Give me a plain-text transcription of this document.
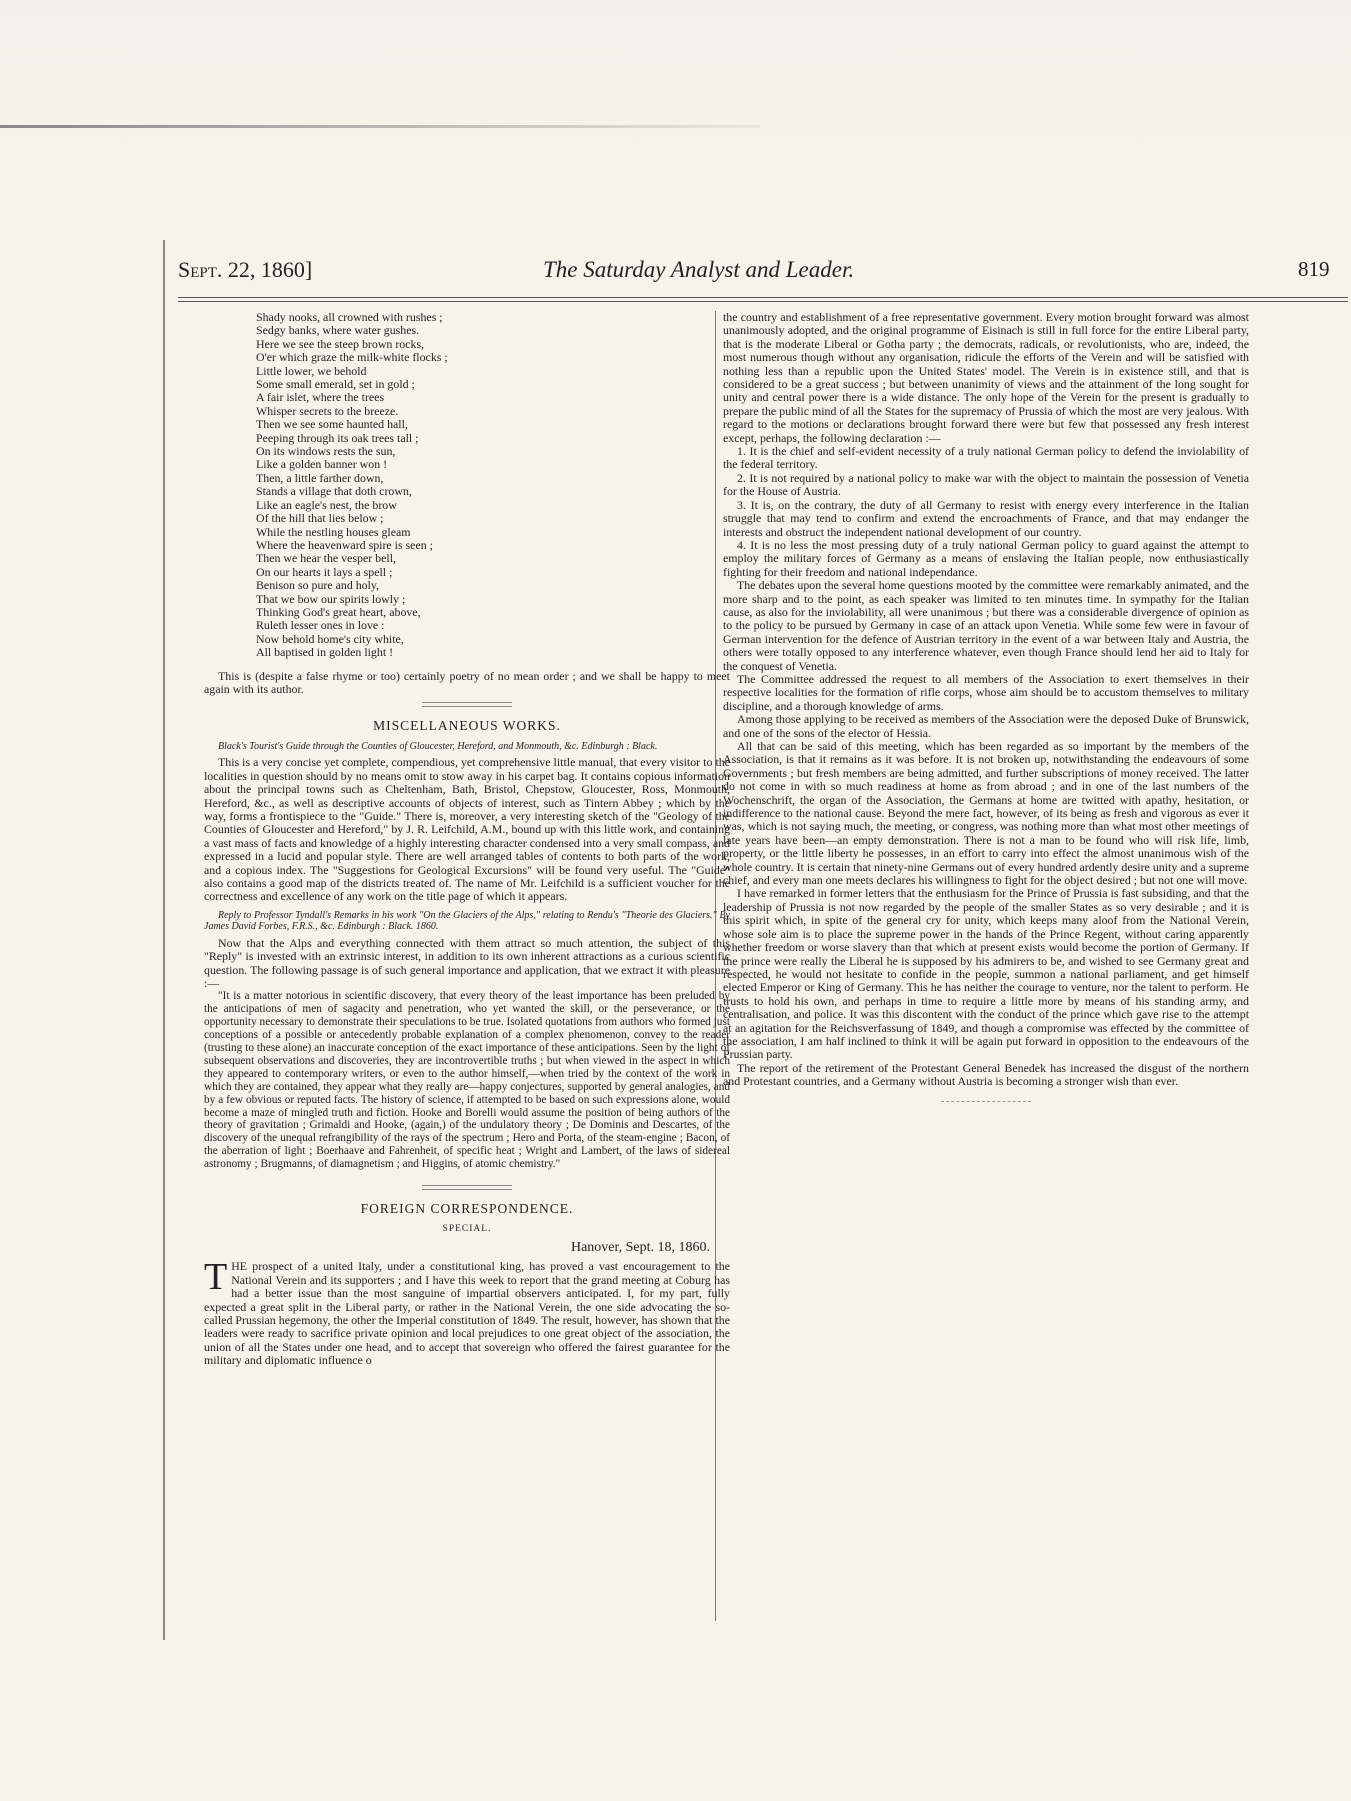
Sept. 22, 1860]	The Saturday Analyst and Leader.	819
Shady nooks, all crowned with rushes ;
Sedgy banks, where water gushes.
Here we see the steep brown rocks,
O'er which graze the milk-white flocks ;
Little lower, we behold
Some small emerald, set in gold ;
A fair islet, where the trees
Whisper secrets to the breeze.
Then we see some haunted hall,
Peeping through its oak trees tall ;
On its windows rests the sun,
Like a golden banner won !
Then, a little farther down,
Stands a village that doth crown,
Like an eagle's nest, the brow
Of the hill that lies below ;
While the nestling houses gleam
Where the heavenward spire is seen ;
Then we hear the vesper bell,
On our hearts it lays a spell ;
Benison so pure and holy,
That we bow our spirits lowly ;
Thinking God's great heart, above,
Ruleth lesser ones in love :
Now behold home's city white,
All baptised in golden light !

This is (despite a false rhyme or too) certainly poetry of no mean order ; and we shall be happy to meet again with its author.

MISCELLANEOUS WORKS.

Black's Tourist's Guide through the Counties of Gloucester, Hereford, and Monmouth, &c. Edinburgh : Black.

This is a very concise yet complete, compendious, yet comprehensive little manual, that every visitor to the localities in question should by no means omit to stow away in his carpet bag. It contains copious information about the principal towns such as Cheltenham, Bath, Bristol, Chepstow, Gloucester, Ross, Monmouth, Hereford, &c., as well as descriptive accounts of objects of interest, such as Tintern Abbey ; which by the way, forms a frontispiece to the "Guide." There is, moreover, a very interesting sketch of the "Geology of the Counties of Gloucester and Hereford," by J. R. Leifchild, A.M., bound up with this little work, and containing a vast mass of facts and knowledge of a highly interesting character condensed into a very small compass, and expressed in a lucid and popular style. There are well arranged tables of contents to both parts of the work, and a copious index. The "Suggestions for Geological Excursions" will be found very useful. The "Guide" also contains a good map of the districts treated of. The name of Mr. Leifchild is a sufficient voucher for the correctness and excellence of any work on the title page of which it appears.

Reply to Professor Tyndall's Remarks in his work "On the Glaciers of the Alps," relating to Rendu's "Theorie des Glaciers." By James David Forbes, F.R.S., &c. Edinburgh : Black. 1860.

Now that the Alps and everything connected with them attract so much attention, the subject of this "Reply" is invested with an extrinsic interest, in addition to its own inherent attractions as a curious scientific question. The following passage is of such general importance and application, that we extract it with pleasure :—

"It is a matter notorious in scientific discovery, that every theory of the least importance has been preluded by the anticipations of men of sagacity and penetration, who yet wanted the skill, or the perseverance, or the opportunity necessary to demonstrate their speculations to be true. Isolated quotations from authors who formed just conceptions of a possible or antecedently probable explanation of a complex phenomenon, convey to the reader (trusting to these alone) an inaccurate conception of the exact importance of these anticipations. Seen by the light of subsequent observations and discoveries, they are incontrovertible truths ; but when viewed in the aspect in which they appeared to contemporary writers, or even to the author himself,—when tried by the context of the work in which they are contained, they appear what they really are—happy conjectures, supported by general analogies, and by a few obvious or reputed facts. The history of science, if attempted to be based on such expressions alone, would become a maze of mingled truth and fiction. Hooke and Borelli would assume the position of being authors of the theory of gravitation ; Grimaldi and Hooke, (again,) of the undulatory theory ; De Dominis and Descartes, of the discovery of the unequal refrangibility of the rays of the spectrum ; Hero and Porta, of the steam-engine ; Bacon, of the aberration of light ; Boerhaave and Fahrenheit, of specific heat ; Wright and Lambert, of the laws of sidereal astronomy ; Brugmanns, of diamagnetism ; and Higgins, of atomic chemistry."

FOREIGN CORRESPONDENCE.
SPECIAL.
Hanover, Sept. 18, 1860.

THE prospect of a united Italy, under a constitutional king, has proved a vast encouragement to the National Verein and its supporters ; and I have this week to report that the grand meeting at Coburg has had a better issue than the most sanguine of impartial observers anticipated. I, for my part, fully expected a great split in the Liberal party, or rather in the National Verein, the one side advocating the so-called Prussian hegemony, the other the Imperial constitution of 1849. The result, however, has shown that the leaders were ready to sacrifice private opinion and local prejudices to one great object of the association, the union of all the States under one head, and to accept that sovereign who offered the fairest guarantee for the military and diplomatic influence o

the country and establishment of a free representative government. Every motion brought forward was almost unanimously adopted, and the original programme of Eisinach is still in full force for the entire Liberal party, that is the moderate Liberal or Gotha party ; the democrats, radicals, or revolutionists, who are, indeed, the most numerous though without any organisation, ridicule the efforts of the Verein and will be satisfied with nothing less than a republic upon the United States' model. The Verein is in existence still, and that is considered to be a great success ; but between unanimity of views and the attainment of the long sought for unity and central power there is a wide distance. The only hope of the Verein for the present is gradually to prepare the public mind of all the States for the supremacy of Prussia of which the most are very jealous. With regard to the motions or declarations brought forward there were but few that possessed any fresh interest except, perhaps, the following declaration :—

1. It is the chief and self-evident necessity of a truly national German policy to defend the inviolability of the federal territory.

2. It is not required by a national policy to make war with the object to maintain the possession of Venetia for the House of Austria.

3. It is, on the contrary, the duty of all Germany to resist with energy every interference in the Italian struggle that may tend to confirm and extend the encroachments of France, and that may endanger the interests and obstruct the independent national development of our country.

4. It is no less the most pressing duty of a truly national German policy to guard against the attempt to employ the military forces of Germany as a means of enslaving the Italian people, now enthusiastically fighting for their freedom and national independance.

The debates upon the several home questions mooted by the committee were remarkably animated, and the more sharp and to the point, as each speaker was limited to ten minutes time. In sympathy for the Italian cause, as also for the inviolability, all were unanimous ; but there was a considerable divergence of opinion as to the policy to be pursued by Germany in case of an attack upon Venetia. While some few were in favour of German intervention for the defence of Austrian territory in the event of a war between Italy and Austria, the others were totally opposed to any interference whatever, even though France should lend her aid to Italy for the conquest of Venetia.

The Committee addressed the request to all members of the Association to exert themselves in their respective localities for the formation of rifle corps, whose aim should be to accustom themselves to military discipline, and a thorough knowledge of arms.

Among those applying to be received as members of the Association were the deposed Duke of Brunswick, and one of the sons of the elector of Hessia.

All that can be said of this meeting, which has been regarded as so important by the members of the Association, is that it remains as it was before. It is not broken up, notwithstanding the endeavours of some Governments ; but fresh members are being admitted, and further subscriptions of money received. The latter do not come in with so much readiness at home as from abroad ; and in one of the last numbers of the Wochenschrift, the organ of the Association, the Germans at home are twitted with apathy, hesitation, or indifference to the national cause. Beyond the mere fact, however, of its being as fresh and vigorous as ever it was, which is not saying much, the meeting, or congress, was nothing more than what most other meetings of late years have been—an empty demonstration. There is not a man to be found who will risk life, limb, property, or the little liberty he possesses, in an effort to carry into effect the almost unanimous wish of the whole country. It is certain that ninety-nine Germans out of every hundred ardently desire unity and a supreme chief, and every man one meets declares his willingness to fight for the object desired ; but not one will move.

I have remarked in former letters that the enthusiasm for the Prince of Prussia is fast subsiding, and that the leadership of Prussia is not now regarded by the people of the smaller States as so very desirable ; and it is this spirit which, in spite of the general cry for unity, which keeps many aloof from the National Verein, whose sole aim is to place the supreme power in the hands of the Prince Regent, without caring apparently whether freedom or worse slavery than that which at present exists would become the portion of Germany. If the prince were really the Liberal he is supposed by his admirers to be, and wished to see Germany great and respected, he would not hesitate to confide in the people, summon a national parliament, and get himself elected Emperor or King of Germany. This he has neither the courage to venture, nor the talent to perform. He trusts to hold his own, and perhaps in time to require a little more by means of his standing army, and centralisation, and police. It was this discontent with the conduct of the prince which gave rise to the attempt at an agitation for the Reichsverfassung of 1849, and though a compromise was effected by the committee of the association, I am half inclined to think it will be again put forward in opposition to the endeavours of the Prussian party.

The report of the retirement of the Protestant General Benedek has increased the disgust of the northern and Protestant countries, and a Germany without Austria is becoming a stronger wish than ever.
